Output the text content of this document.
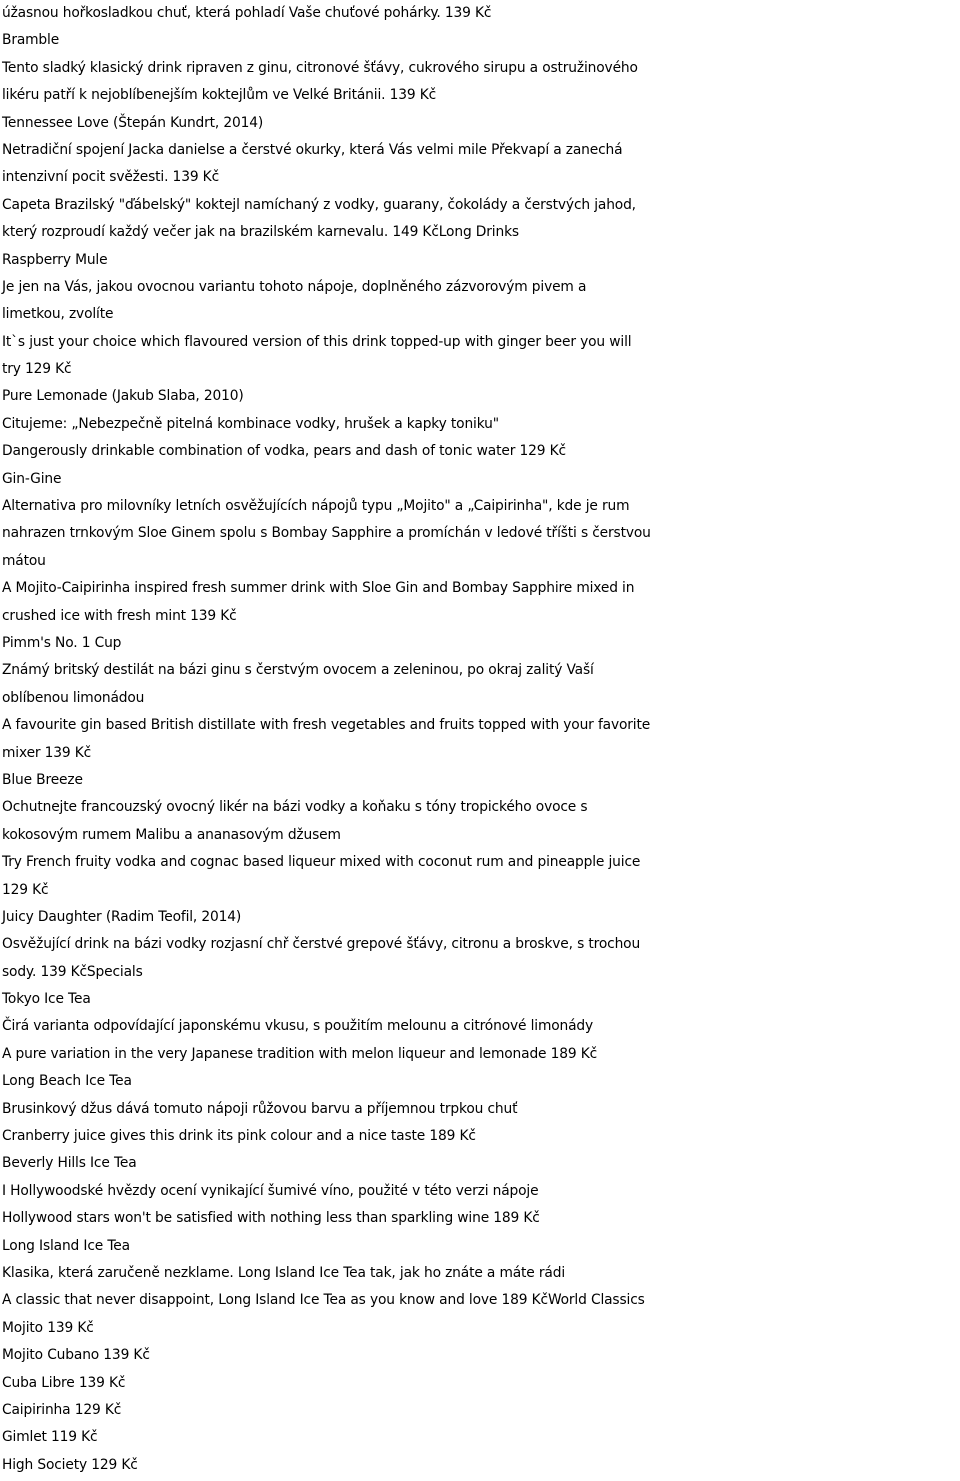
úžasnou hořkosladkou chuť, která pohladí Vaše chuťové pohárky. 139 Kč

Bramble

Tento sladký klasický drink ripraven z ginu, citronové šťávy, cukrového sirupu a ostružinového

likéru patří k nejoblíbenejším koktejlům ve Velké Británii. 139 Kč

Tennessee Love (Štepán Kundrt, 2014)

Netradiční spojení Jacka danielse a čerstvé okurky, která Vás velmi mile Překvapí a zanechá

intenzivní pocit svěžesti. 139 Kč

Capeta Brazilský "ďábelský" koktejl namíchaný z vodky, guarany, čokolády a čerstvých jahod,

který rozproudí každý večer jak na brazilském karnevalu. 149 KčLong Drinks

Raspberry Mule

Je jen na Vás, jakou ovocnou variantu tohoto nápoje, doplněného zázvorovým pivem a

limetkou, zvolíte

It`s just your choice which flavoured version of this drink topped-up with ginger beer you will

try 129 Kč

Pure Lemonade (Jakub Slaba, 2010)

Citujeme: „Nebezpečně pitelná kombinace vodky, hrušek a kapky toniku"

Dangerously drinkable combination of vodka, pears and dash of tonic water 129 Kč

Gin-Gine

Alternativa pro milovníky letních osvěžujících nápojů typu „Mojito" a „Caipirinha", kde je rum

nahrazen trnkovým Sloe Ginem spolu s Bombay Sapphire a promíchán v ledové tříšti s čerstvou

mátou

A Mojito-Caipirinha inspired fresh summer drink with Sloe Gin and Bombay Sapphire mixed in

crushed ice with fresh mint 139 Kč

Pimm's No. 1 Cup

Známý britský destilát na bázi ginu s čerstvým ovocem a zeleninou, po okraj zalitý Vaší

oblíbenou limonádou

A favourite gin based British distillate with fresh vegetables and fruits topped with your favorite

mixer 139 Kč

Blue Breeze

Ochutnejte francouzský ovocný likér na bázi vodky a koňaku s tóny tropického ovoce s

kokosovým rumem Malibu a ananasovým džusem

Try French fruity vodka and cognac based liqueur mixed with coconut rum and pineapple juice

129 Kč

Juicy Daughter (Radim Teofil, 2014)

Osvěžující drink na bázi vodky rozjasní chř čerstvé grepové šťávy, citronu a broskve, s trochou

sody. 139 KčSpecials

Tokyo Ice Tea

Čirá varianta odpovídající japonskému vkusu, s použitím melounu a citrónové limonády

A pure variation in the very Japanese tradition with melon liqueur and lemonade 189 Kč

Long Beach Ice Tea

Brusinkový džus dává tomuto nápoji růžovou barvu a příjemnou trpkou chuť

Cranberry juice gives this drink its pink colour and a nice taste 189 Kč

Beverly Hills Ice Tea

I Hollywoodské hvězdy ocení vynikající šumivé víno, použité v této verzi nápoje

Hollywood stars won't be satisfied with nothing less than sparkling wine 189 Kč

Long Island Ice Tea

Klasika, která zaručeně nezklame. Long Island Ice Tea tak, jak ho znáte a máte rádi

A classic that never disappoint, Long Island Ice Tea as you know and love 189 KčWorld Classics

Mojito 139 Kč

Mojito Cubano 139 Kč

Cuba Libre 139 Kč

Caipirinha 129 Kč

Gimlet 119 Kč

High Society 129 Kč
